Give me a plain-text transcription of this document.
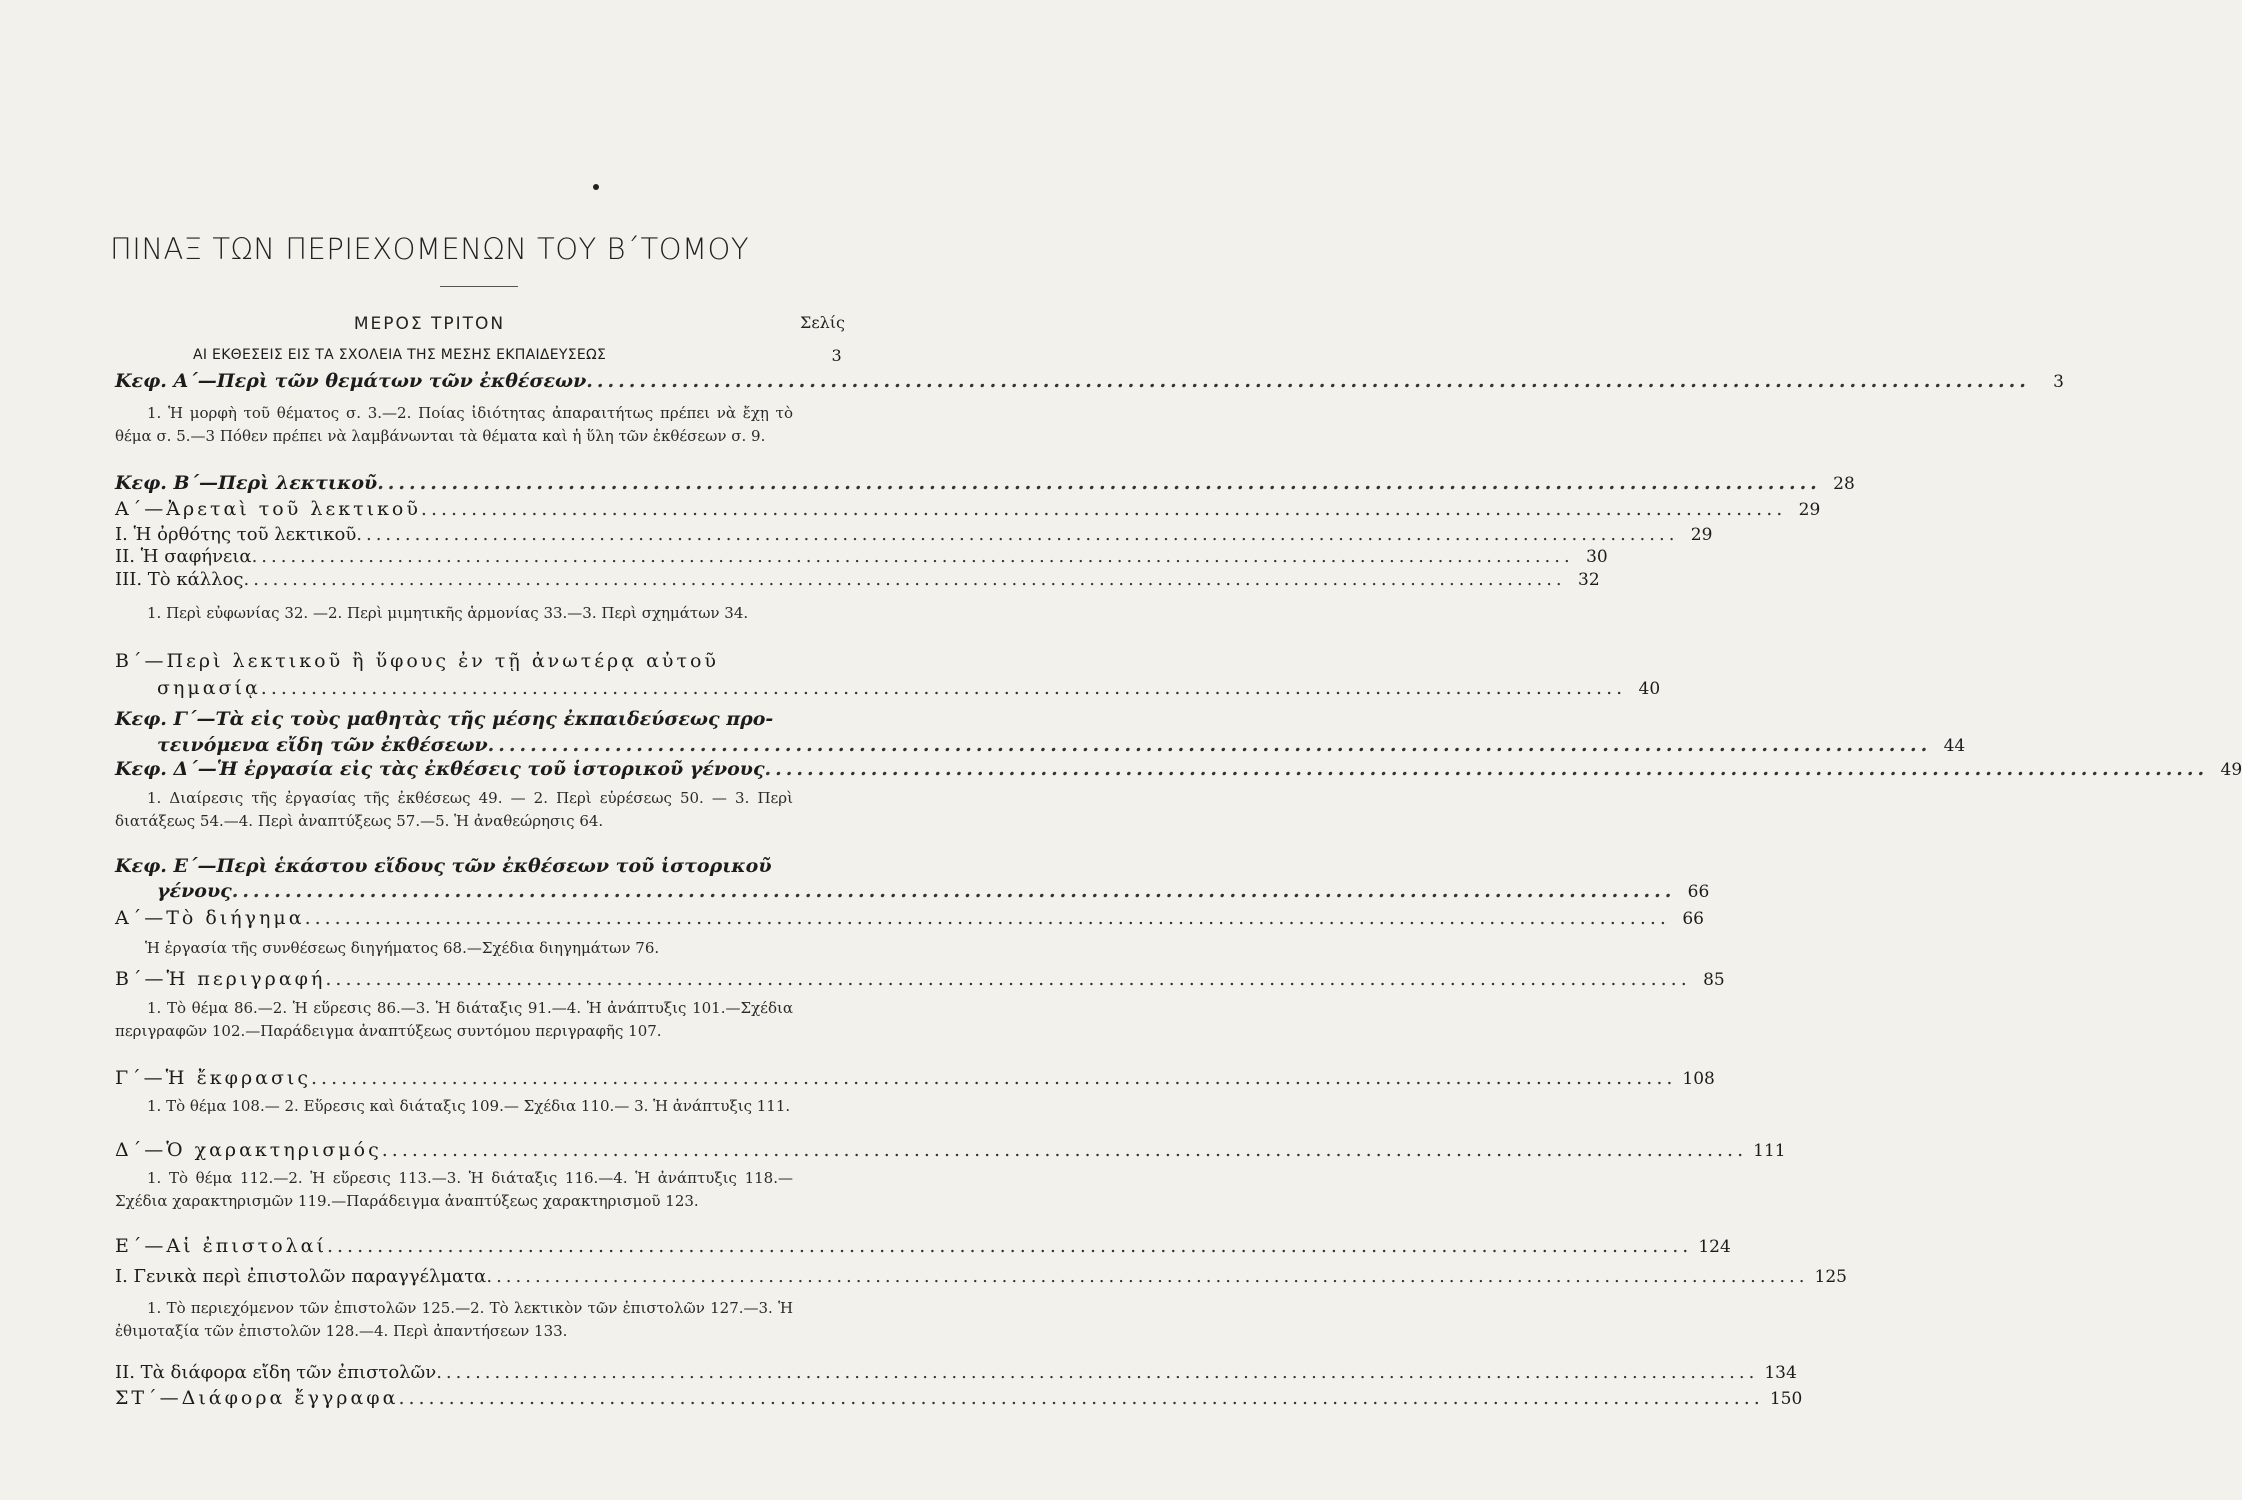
ΠΙΝΑΞ ΤΩΝ ΠΕΡΙΕΧΟΜΕΝΩΝ ΤΟΥ Β΄ΤΟΜΟΥ
ΜΕΡΟΣ ΤΡΙΤΟΝ	Σελίς
ΑΙ ΕΚΘΕΣΕΙΣ ΕΙΣ ΤΑ ΣΧΟΛΕΙΑ ΤΗΣ ΜΕΣΗΣ ΕΚΠΑΙΔΕΥΣΕΩΣ	3
Κεφ. Α΄—Περὶ τῶν θεμάτων τῶν ἐκθέσεων .....	3
1. Ἡ μορφὴ τοῦ θέματος σ. 3.—2. Ποίας ἰδιότητας ἀπαραιτήτως πρέπει νὰ ἔχῃ τὸ θέμα σ. 5.—3 Πόθεν πρέπει νὰ λαμβάνωνται τὰ θέματα καὶ ἡ ὕλη τῶν ἐκθέσεων σ. 9.
Κεφ. Β΄—Περὶ λεκτικοῦ .....	28
Α΄—Ἀρεταὶ τοῦ λεκτικοῦ .....	29
Ι. Ἡ ὀρθότης τοῦ λεκτικοῦ .....	29
ΙΙ. Ἡ σαφήνεια .....	30
ΙΙΙ. Τὸ κάλλος .....	32
1. Περὶ εὐφωνίας 32. —2. Περὶ μιμητικῆς ἁρμονίας 33.—3. Περὶ σχημάτων 34.
Β΄—Περὶ λεκτικοῦ ἢ ὕφους ἐν τῇ ἀνωτέρᾳ αὐτοῦ
σημασίᾳ .....	40
Κεφ. Γ΄—Τὰ εἰς τοὺς μαθητὰς τῆς μέσης ἐκπαιδεύσεως προ-
τεινόμενα εἴδη τῶν ἐκθέσεων .....	44
Κεφ. Δ΄—Ἡ ἐργασία εἰς τὰς ἐκθέσεις τοῦ ἱστορικοῦ γένους .....	49
1. Διαίρεσις τῆς ἐργασίας τῆς ἐκθέσεως 49. — 2. Περὶ εὑρέσεως 50. — 3. Περὶ διατάξεως 54.—4. Περὶ ἀναπτύξεως 57.—5. Ἡ ἀναθεώρησις 64.
Κεφ. Ε΄—Περὶ ἑκάστου εἴδους τῶν ἐκθέσεων τοῦ ἱστορικοῦ
γένους .....	66
Α΄—Τὸ διήγημα .....	66
Ἡ ἐργασία τῆς συνθέσεως διηγήματος 68.—Σχέδια διηγημάτων 76.
Β΄—Ἡ περιγραφή .....	85
1. Τὸ θέμα 86.—2. Ἡ εὕρεσις 86.—3. Ἡ διάταξις 91.—4. Ἡ ἀνάπτυξις 101.—Σχέδια περιγραφῶν 102.—Παράδειγμα ἀναπτύξεως συντόμου περιγραφῆς 107.
Γ΄—Ἡ ἔκφρασις .....	108
1. Τὸ θέμα 108.— 2. Εὕρεσις καὶ διάταξις 109.— Σχέδια 110.— 3. Ἡ ἀνάπτυξις 111.
Δ΄—Ὁ χαρακτηρισμός .....	111
1. Τὸ θέμα 112.—2. Ἡ εὕρεσις 113.—3. Ἡ διάταξις 116.—4. Ἡ ἀνάπτυξις 118.—Σχέδια χαρακτηρισμῶν 119.—Παράδειγμα ἀναπτύξεως χαρακτηρισμοῦ 123.
Ε΄—Αἱ ἐπιστολαί .....	124
Ι. Γενικὰ περὶ ἐπιστολῶν παραγγέλματα .....	125
1. Τὸ περιεχόμενον τῶν ἐπιστολῶν 125.—2. Τὸ λεκτικὸν τῶν ἐπιστολῶν 127.—3. Ἡ ἐθιμοταξία τῶν ἐπιστολῶν 128.—4. Περὶ ἀπαντήσεων 133.
ΙΙ. Τὰ διάφορα εἴδη τῶν ἐπιστολῶν .....	134
ΣΤ΄—Διάφορα ἔγγραφα .....	150
